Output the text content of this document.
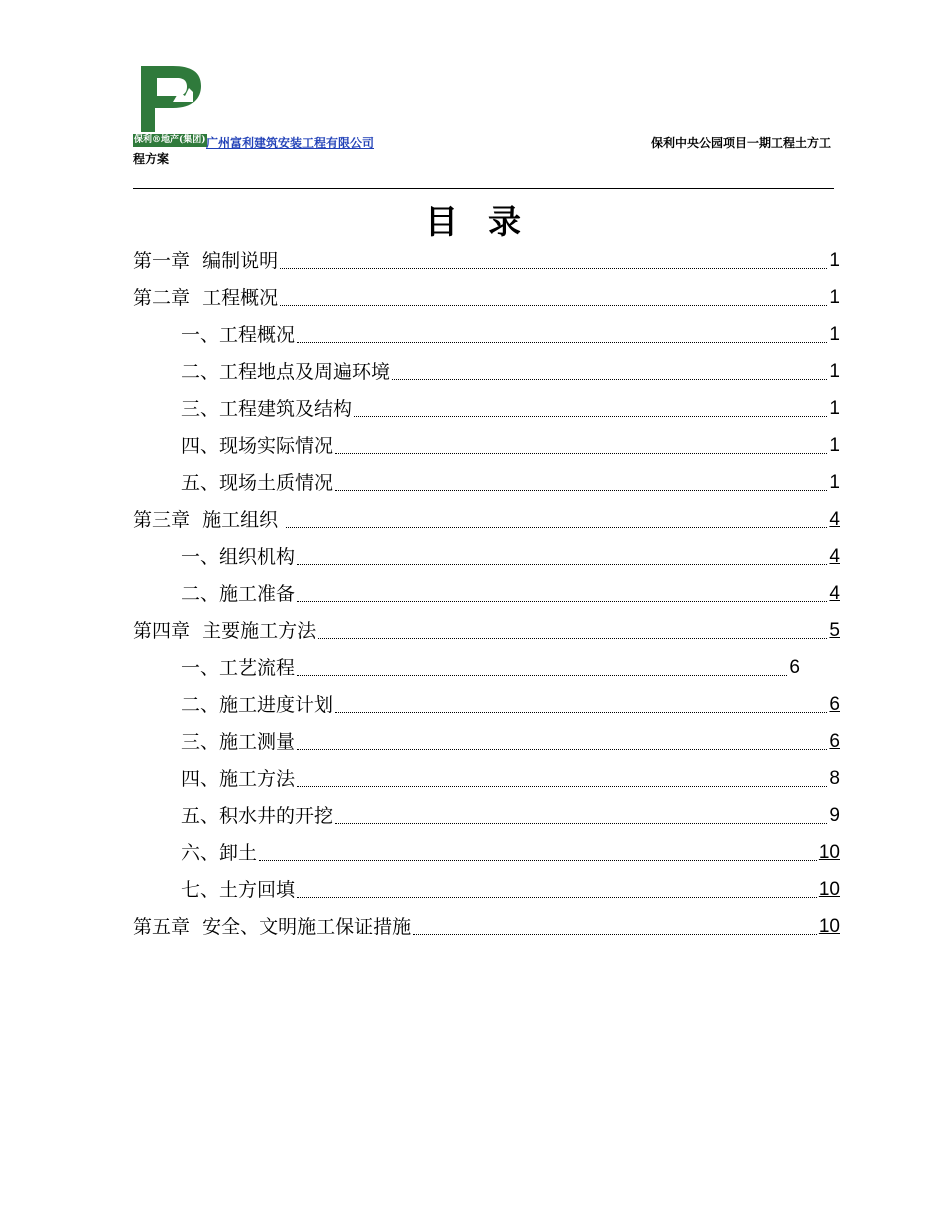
保利®地产(集团)	保利中央公园项目一期工程土方工
程方案
广州富利建筑安装工程有限公司
目录
第一章  编制说明	1
第二章  工程概况	1
一、工程概况	1
二、工程地点及周遍环境	1
三、工程建筑及结构	1
四、现场实际情况	1
五、现场土质情况	1
第三章  施工组织	4
一、组织机构	4
二、施工准备	4
第四章  主要施工方法	5
一、工艺流程	6
二、施工进度计划	6
三、施工测量	6
四、施工方法	8
五、积水井的开挖	9
六、卸土	10
七、土方回填	10
第五章  安全、文明施工保证措施	10
